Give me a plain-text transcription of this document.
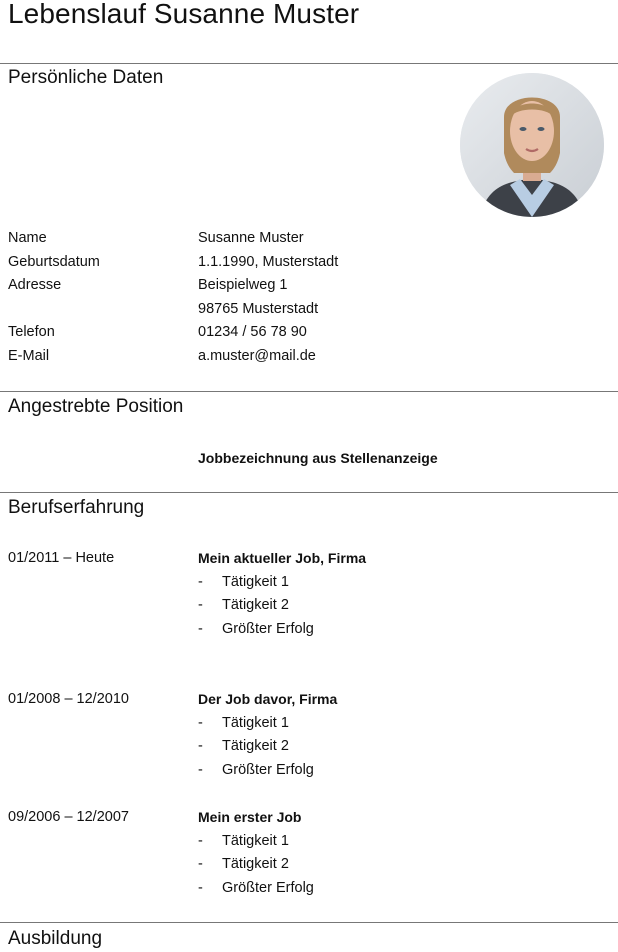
Lebenslauf Susanne Muster
Persönliche Daten
Name	Susanne Muster
Geburtsdatum	1.1.1990, Musterstadt
Adresse	Beispielweg 1
98765 Musterstadt
Telefon	01234 / 56 78 90
E-Mail	a.muster@mail.de
Angestrebte Position
Jobbezeichnung aus Stellenanzeige
Berufserfahrung
01/2011 – Heute	Mein aktueller Job, Firma
- Tätigkeit 1
- Tätigkeit 2
- Größter Erfolg
01/2008 – 12/2010	Der Job davor, Firma
- Tätigkeit 1
- Tätigkeit 2
- Größter Erfolg
09/2006 – 12/2007	Mein erster Job
- Tätigkeit 1
- Tätigkeit 2
- Größter Erfolg
Ausbildung
